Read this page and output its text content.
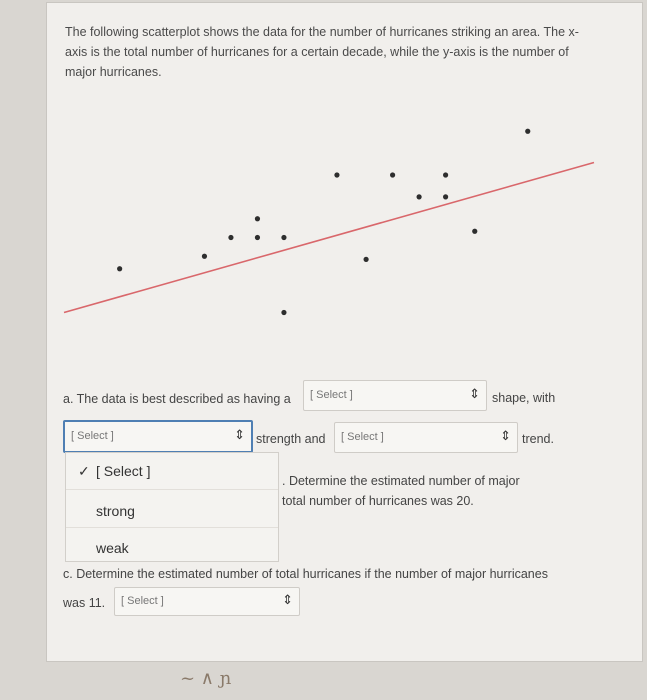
The following scatterplot shows the data for the number of hurricanes striking an area. The x-axis is the total number of hurricanes for a certain decade, while the y-axis is the number of major hurricanes.
a. The data is best described as having a [ Select ]	⇕ shape, with
[ Select ]	⇕ strength and [ Select ]	⇕ trend.
. Determine the estimated number of major
total number of hurricanes was 20.
✓ [ Select ]
strong
weak
c. Determine the estimated number of total hurricanes if the number of major hurricanes
was 11. [ Select ]	⇕
~ ∧ ɲ
